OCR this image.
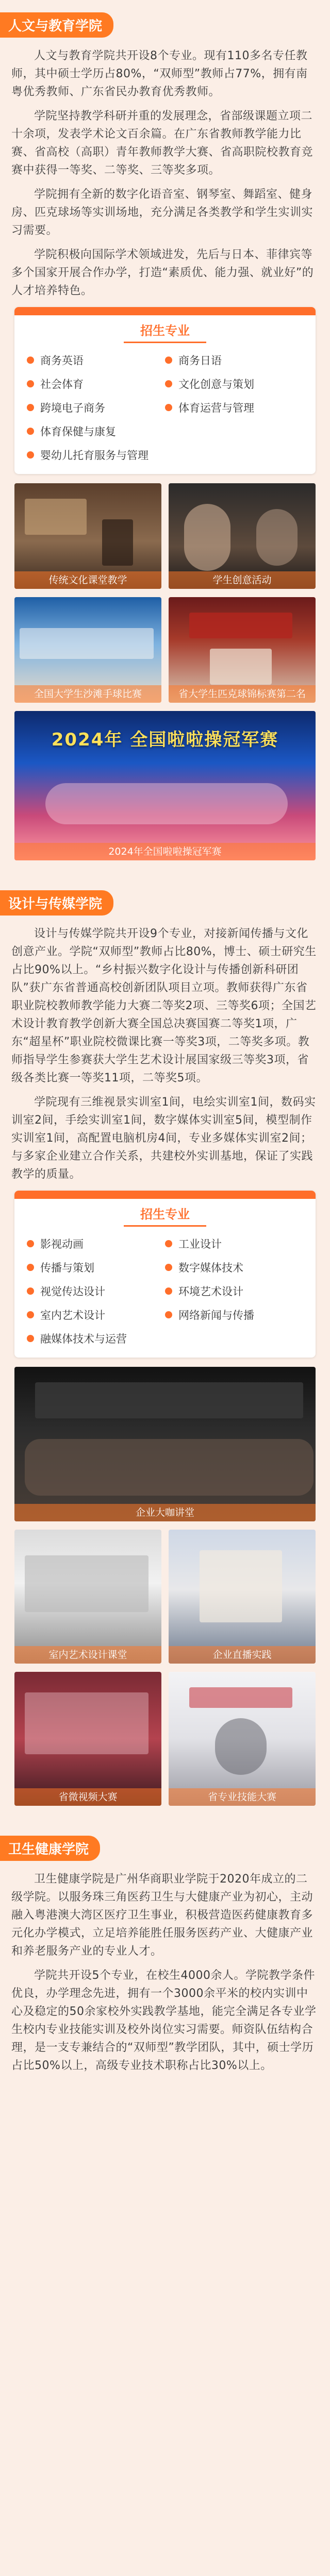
人文与教育学院

人文与教育学院共开设8个专业。现有110多名专任教师，其中硕士学历占80%，“双师型”教师占77%，拥有南粤优秀教师、广东省民办教育优秀教师。

学院坚持教学科研并重的发展理念，省部级课题立项二十余项，发表学术论文百余篇。在广东省教师教学能力比赛、省高校（高职）青年教师教学大赛、省高职院校教育竞赛中获得一等奖、二等奖、三等奖多项。

学院拥有全新的数字化语音室、钢琴室、舞蹈室、健身房、匹克球场等实训场地，充分满足各类教学和学生实训实习需要。

学院积极向国际学术领域进发，先后与日本、菲律宾等多个国家开展合作办学，打造“素质优、能力强、就业好”的人才培养特色。

招生专业
商务英语	商务日语
社会体育	文化创意与策划
跨境电子商务	体育运营与管理
体育保健与康复
婴幼儿托育服务与管理
传统文化课堂教学	学生创意活动
全国大学生沙滩手球比赛	省大学生匹克球锦标赛第二名
2024年 全国啦啦操冠军赛
2024年全国啦啦操冠军赛
设计与传媒学院

设计与传媒学院共开设9个专业，对接新闻传播与文化创意产业。学院“双师型”教师占比80%，博士、硕士研究生占比90%以上。“乡村振兴数字化设计与传播创新科研团队”获广东省普通高校创新团队项目立项。教师获得广东省职业院校教师教学能力大赛二等奖2项、三等奖6项；全国艺术设计教育教学创新大赛全国总决赛国赛二等奖1项，广东“超星杯”职业院校微课比赛一等奖3项，二等奖多项。教师指导学生参赛获大学生艺术设计展国家级三等奖3项，省级各类比赛一等奖11项，二等奖5项。

学院现有三维视景实训室1间，电绘实训室1间，数码实训室2间，手绘实训室1间，数字媒体实训室5间，模型制作实训室1间，高配置电脑机房4间，专业多媒体实训室2间；与多家企业建立合作关系，共建校外实训基地，保证了实践教学的质量。

招生专业
影视动画	工业设计
传播与策划	数字媒体技术
视觉传达设计	环境艺术设计
室内艺术设计	网络新闻与传播
融媒体技术与运营
企业大咖讲堂
室内艺术设计课堂	企业直播实践
省微视频大赛	省专业技能大赛
卫生健康学院

卫生健康学院是广州华商职业学院于2020年成立的二级学院。以服务珠三角医药卫生与大健康产业为初心，主动融入粤港澳大湾区医疗卫生事业，积极营造医药健康教育多元化办学模式，立足培养能胜任服务医药产业、大健康产业和养老服务产业的专业人才。

学院共开设5个专业，在校生4000余人。学院教学条件优良，办学理念先进，拥有一个3000余平米的校内实训中心及稳定的50余家校外实践教学基地，能完全满足各专业学生校内专业技能实训及校外岗位实习需要。师资队伍结构合理，是一支专兼结合的“双师型”教学团队，其中，硕士学历占比50%以上，高级专业技术职称占比30%以上。
